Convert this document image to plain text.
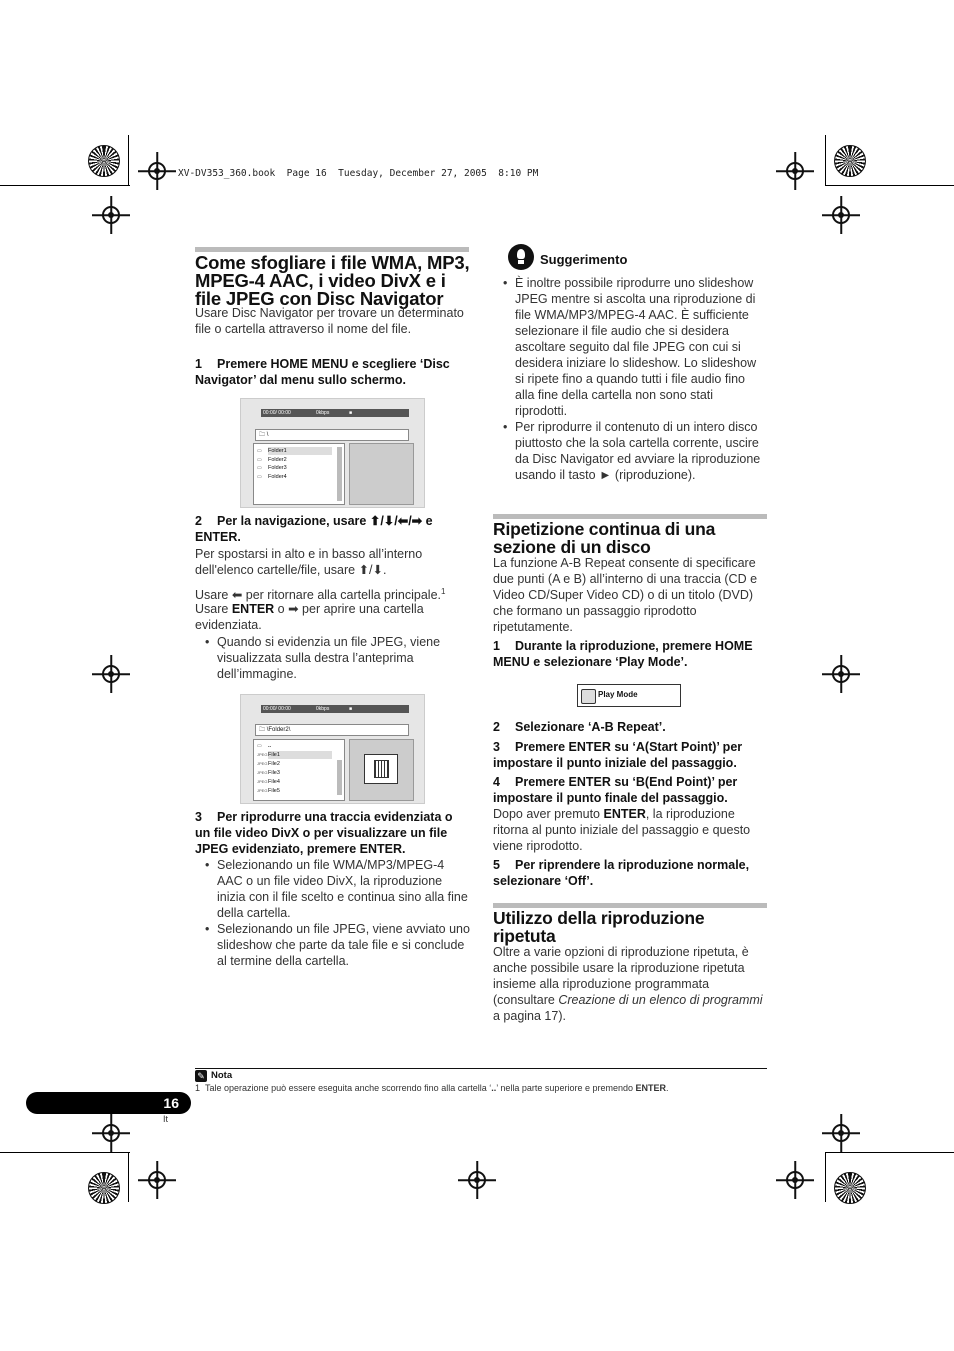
XV-DV353_360.book  Page 16  Tuesday, December 27, 2005  8:10 PM
Come sfogliare i file WMA, MP3, MPEG-4 AAC, i video DivX e i file JPEG con Disc Navigator
Usare Disc Navigator per trovare un determinato file o cartella attraverso il nome del file.
1 Premere HOME MENU e scegliere ‘Disc Navigator’ dal menu sullo schermo.
00:00/ 00:00	0kbps	■
🗀 \
Folder1
Folder2
Folder3
Folder4
▭
▭
▭
▭
2 Per la navigazione, usare ⬆/⬇/⬅/➡ e ENTER.
Per spostarsi in alto e in basso all’interno dell'elenco cartelle/file, usare ⬆/⬇.
Usare ⬅ per ritornare alla cartella principale.$^1$
Usare ENTER o ➡ per aprire una cartella evidenziata.
• Quando si evidenzia un file JPEG, viene visualizzata sulla destra l’anteprima dell’immagine.
00:00/ 00:00	0kbps	■
🗀 \Folder2\
..
File1
File2
File3
File4
File5
▭
JPEG
JPEG
JPEG
JPEG
JPEG
3 Per riprodurre una traccia evidenziata o un file video DivX o per visualizzare un file JPEG evidenziato, premere ENTER.
• Selezionando un file WMA/MP3/MPEG-4 AAC o un file video DivX, la riproduzione inizia con il file scelto e continua sino alla fine della cartella.
• Selezionando un file JPEG, viene avviato uno slideshow che parte da tale file e si conclude al termine della cartella.
Suggerimento
• È inoltre possibile riprodurre uno slideshow JPEG mentre si ascolta una riproduzione di file WMA/MP3/MPEG-4 AAC. È sufficiente selezionare il file audio che si desidera ascoltare seguito dal file JPEG con cui si desidera iniziare lo slideshow. Lo slideshow si ripete fino a quando tutti i file audio fino alla fine della cartella non sono stati riprodotti.
• Per riprodurre il contenuto di un intero disco piuttosto che la sola cartella corrente, uscire da Disc Navigator ed avviare la riproduzione usando il tasto ► (riproduzione).
Ripetizione continua di una sezione di un disco
La funzione A-B Repeat consente di specificare due punti (A e B) all’interno di una traccia (CD e Video CD/Super Video CD) o di un titolo (DVD) che formano un passaggio riprodotto ripetutamente.
1 Durante la riproduzione, premere HOME MENU e selezionare ‘Play Mode’.
Play Mode
2 Selezionare ‘A-B Repeat’.
3 Premere ENTER su ‘A(Start Point)’ per impostare il punto iniziale del passaggio.
4 Premere ENTER su ‘B(End Point)’ per impostare il punto finale del passaggio.
Dopo aver premuto ENTER, la riproduzione ritorna al punto iniziale del passaggio e questo viene riprodotto.
5 Per riprendere la riproduzione normale, selezionare ‘Off’.
Utilizzo della riproduzione ripetuta
Oltre a varie opzioni di riproduzione ripetuta, è anche possibile usare la riproduzione ripetuta insieme alla riproduzione programmata (consultare Creazione di un elenco di programmi a pagina 17).
✎ Nota
1 Tale operazione può essere eseguita anche scorrendo fino alla cartella ‘..’ nella parte superiore e premendo ENTER.
16
It
